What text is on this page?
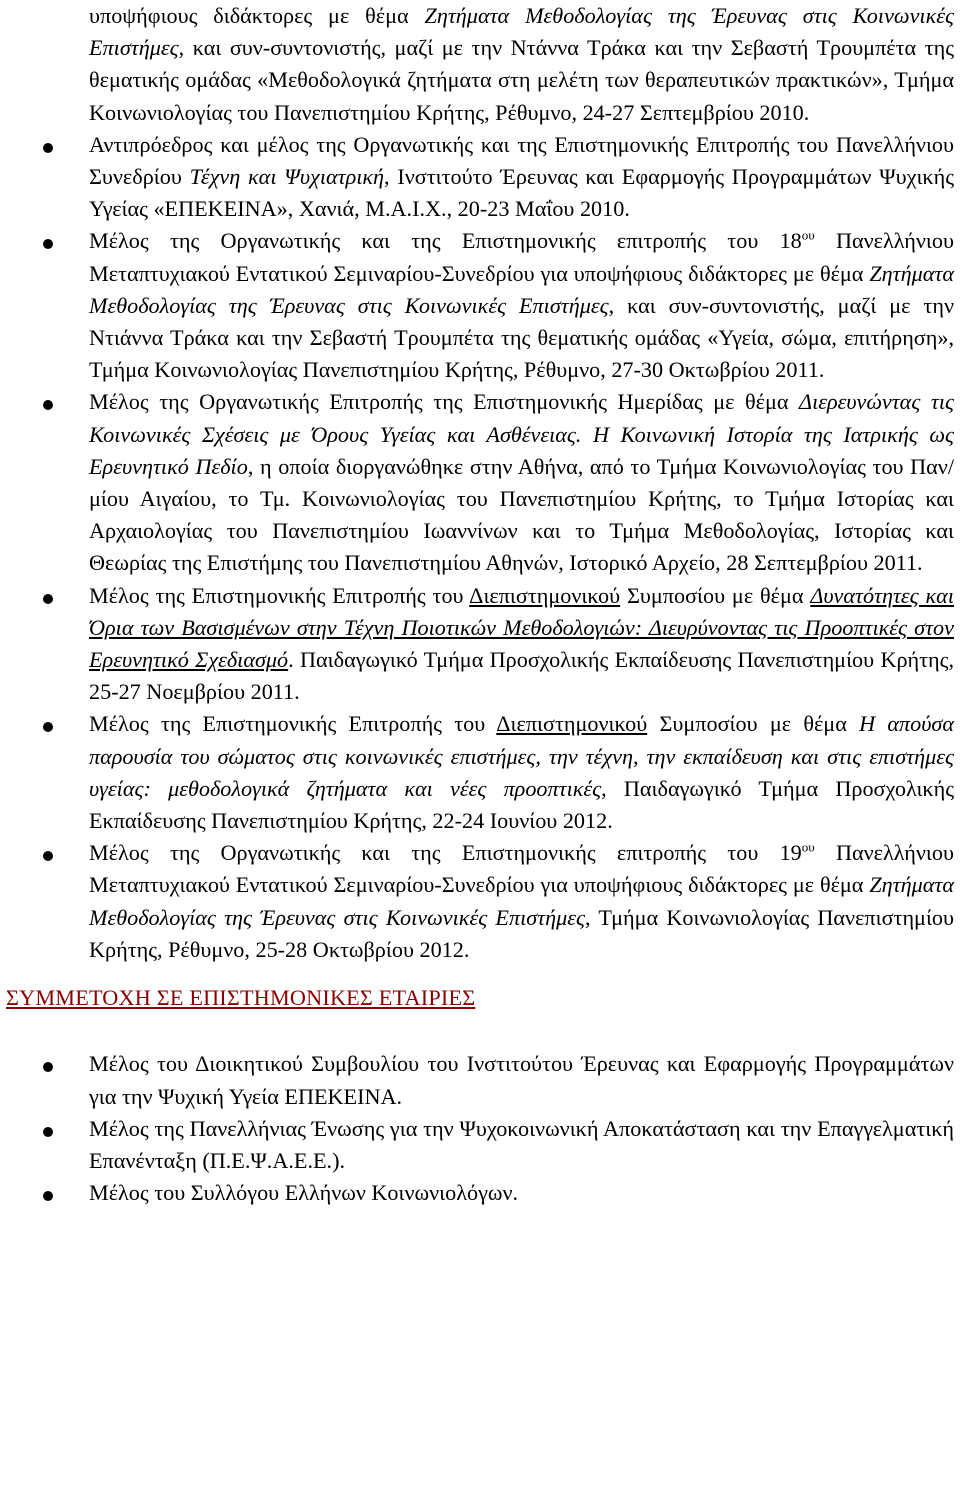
υποψήφιους διδάκτορες με θέμα Ζητήματα Μεθοδολογίας της Έρευνας στις Κοινωνικές Επιστήμες, και συν-συντονιστής, μαζί με την Ντάννα Τράκα και την Σεβαστή Τρουμπέτα της θεματικής ομάδας «Μεθοδολογικά ζητήματα στη μελέτη των θεραπευτικών πρακτικών», Τμήμα Κοινωνιολογίας του Πανεπιστημίου Κρήτης, Ρέθυμνο, 24-27 Σεπτεμβρίου 2010.
Αντιπρόεδρος και μέλος της Οργανωτικής και της Επιστημονικής Επιτροπής του Πανελλήνιου Συνεδρίου Τέχνη και Ψυχιατρική, Ινστιτούτο Έρευνας και Εφαρμογής Προγραμμάτων Ψυχικής Υγείας «ΕΠΕΚΕΙΝΑ», Χανιά, Μ.Α.Ι.Χ., 20-23 Μαΐου 2010.
Μέλος της Οργανωτικής και της Επιστημονικής επιτροπής του $18^{o\upsilon}$ Πανελλήνιου Μεταπτυχιακού Εντατικού Σεμιναρίου-Συνεδρίου για υποψήφιους διδάκτορες με θέμα Ζητήματα Μεθοδολογίας της Έρευνας στις Κοινωνικές Επιστήμες, και συν-συντονιστής, μαζί με την Ντιάννα Τράκα και την Σεβαστή Τρουμπέτα της θεματικής ομάδας «Υγεία, σώμα, επιτήρηση», Τμήμα Κοινωνιολογίας Πανεπιστημίου Κρήτης, Ρέθυμνο, 27-30 Οκτωβρίου 2011.
Μέλος της Οργανωτικής Επιτροπής της Επιστημονικής Ημερίδας με θέμα Διερευνώντας τις Κοινωνικές Σχέσεις με Όρους Υγείας και Ασθένειας. Η Κοινωνική Ιστορία της Ιατρικής ως Ερευνητικό Πεδίο, η οποία διοργανώθηκε στην Αθήνα, από το Τμήμα Κοινωνιολογίας του Παν/μίου Αιγαίου, το Τμ. Κοινωνιολογίας του Πανεπιστημίου Κρήτης, το Τμήμα Ιστορίας και Αρχαιολογίας του Πανεπιστημίου Ιωαννίνων και το Τμήμα Μεθοδολογίας, Ιστορίας και Θεωρίας της Επιστήμης του Πανεπιστημίου Αθηνών, Ιστορικό Αρχείο, 28 Σεπτεμβρίου 2011.
Μέλος της Επιστημονικής Επιτροπής του Διεπιστημονικού Συμποσίου με θέμα Δυνατότητες και Όρια των Βασισμένων στην Τέχνη Ποιοτικών Μεθοδολογιών: Διευρύνοντας τις Προοπτικές στον Ερευνητικό Σχεδιασμό. Παιδαγωγικό Τμήμα Προσχολικής Εκπαίδευσης Πανεπιστημίου Κρήτης, 25-27 Νοεμβρίου 2011.
Μέλος της Επιστημονικής Επιτροπής του Διεπιστημονικού Συμποσίου με θέμα Η απούσα παρουσία του σώματος στις κοινωνικές επιστήμες, την τέχνη, την εκπαίδευση και στις επιστήμες υγείας: μεθοδολογικά ζητήματα και νέες προοπτικές, Παιδαγωγικό Τμήμα Προσχολικής Εκπαίδευσης Πανεπιστημίου Κρήτης, 22-24 Ιουνίου 2012.
Μέλος της Οργανωτικής και της Επιστημονικής επιτροπής του $19^{o\upsilon}$ Πανελλήνιου Μεταπτυχιακού Εντατικού Σεμιναρίου-Συνεδρίου για υποψήφιους διδάκτορες με θέμα Ζητήματα Μεθοδολογίας της Έρευνας στις Κοινωνικές Επιστήμες, Τμήμα Κοινωνιολογίας Πανεπιστημίου Κρήτης, Ρέθυμνο, 25-28 Οκτωβρίου 2012.
ΣΥΜΜΕΤΟΧΗ ΣΕ ΕΠΙΣΤΗΜΟΝΙΚΕΣ ΕΤΑΙΡΙΕΣ
Μέλος του Διοικητικού Συμβουλίου του Ινστιτούτου Έρευνας και Εφαρμογής Προγραμμάτων για την Ψυχική Υγεία ΕΠΕΚΕΙΝΑ.
Μέλος της Πανελλήνιας Ένωσης για την Ψυχοκοινωνική Αποκατάσταση και την Επαγγελματική Επανένταξη (Π.Ε.Ψ.Α.Ε.Ε.).
Μέλος του Συλλόγου Ελλήνων Κοινωνιολόγων.
